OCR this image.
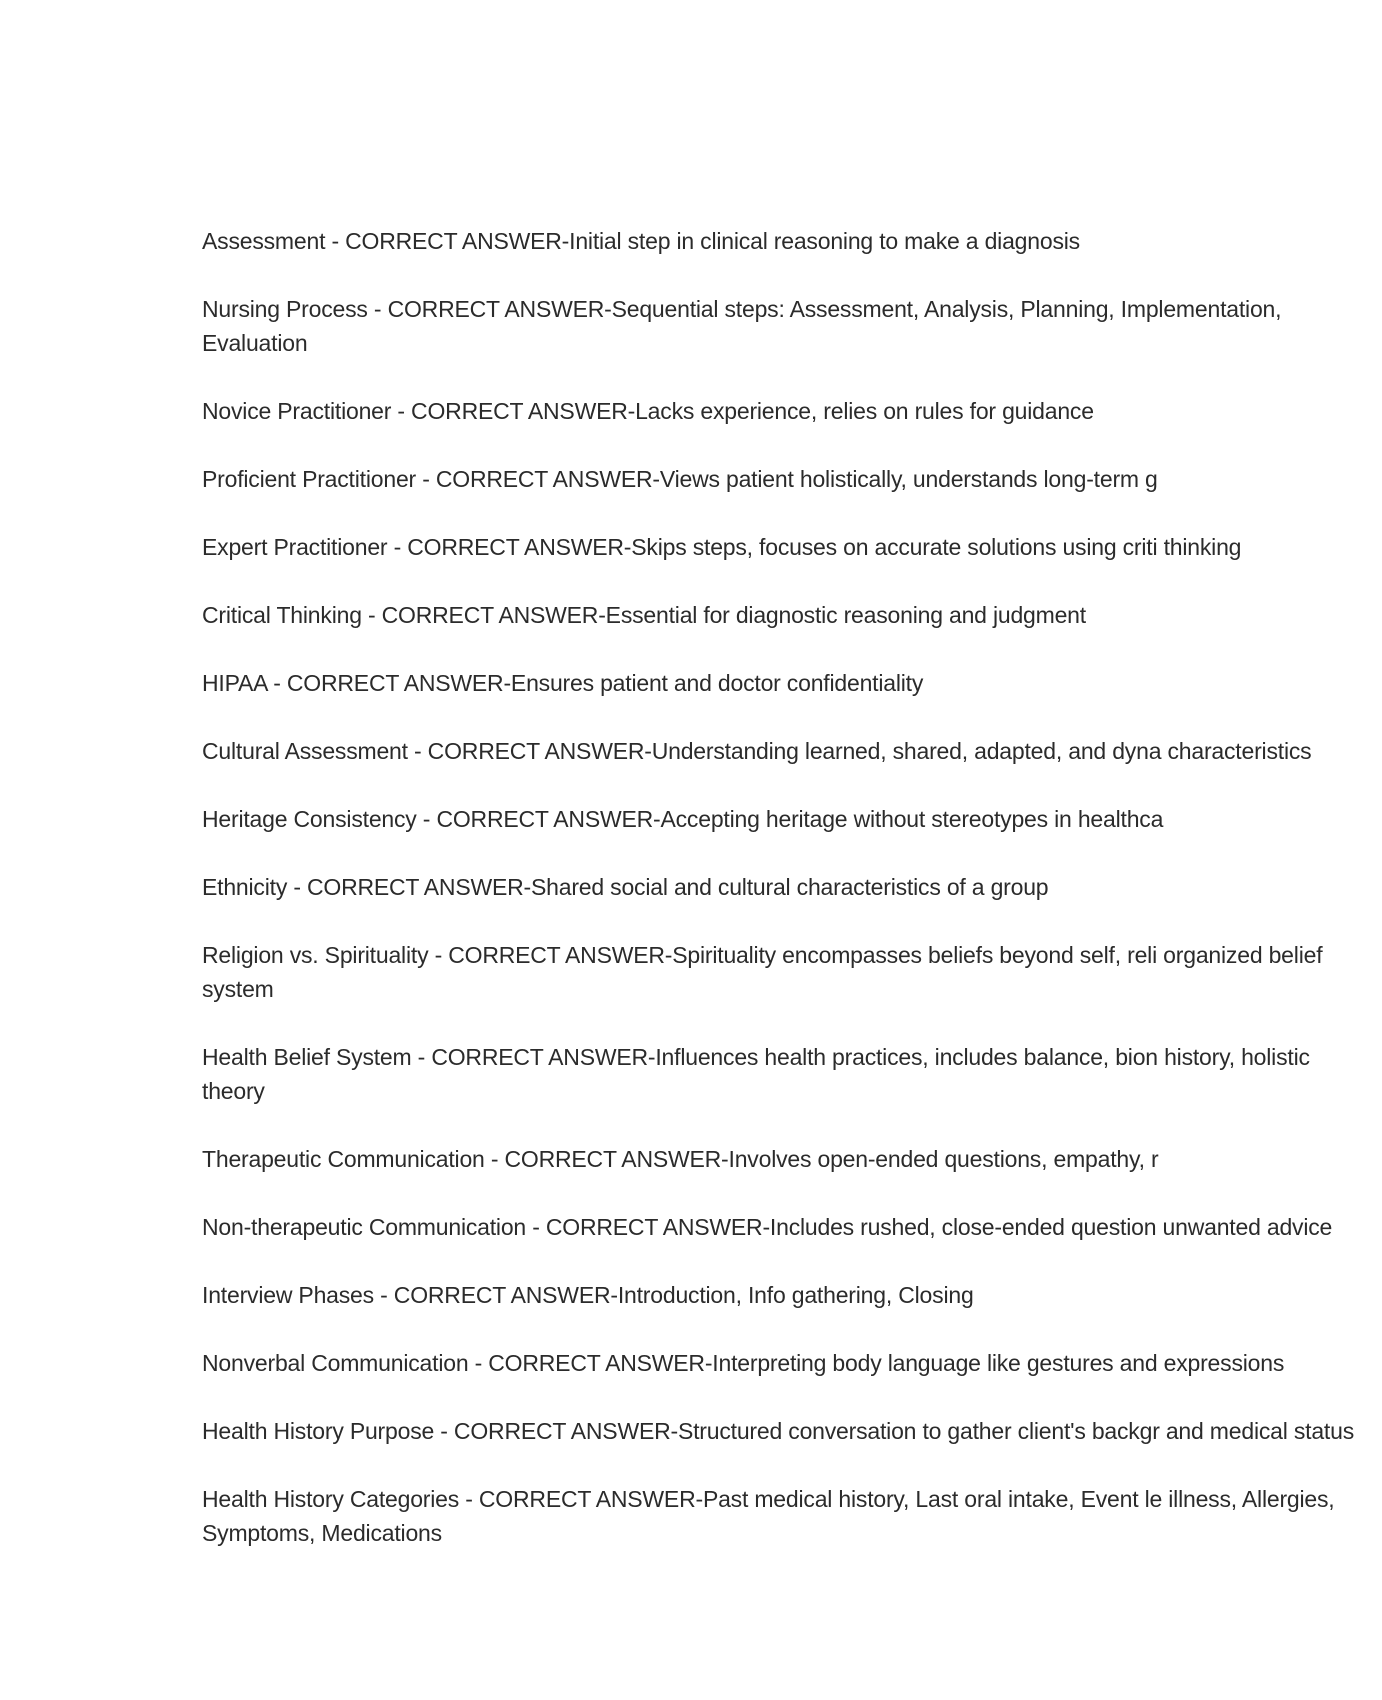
Assessment - CORRECT ANSWER-Initial step in clinical reasoning to make a diagnosis
Nursing Process - CORRECT ANSWER-Sequential steps: Assessment, Analysis, Planning, Implementation, Evaluation
Novice Practitioner - CORRECT ANSWER-Lacks experience, relies on rules for guidance
Proficient Practitioner - CORRECT ANSWER-Views patient holistically, understands long-term g
Expert Practitioner - CORRECT ANSWER-Skips steps, focuses on accurate solutions using criti thinking
Critical Thinking - CORRECT ANSWER-Essential for diagnostic reasoning and judgment
HIPAA - CORRECT ANSWER-Ensures patient and doctor confidentiality
Cultural Assessment - CORRECT ANSWER-Understanding learned, shared, adapted, and dyna characteristics
Heritage Consistency - CORRECT ANSWER-Accepting heritage without stereotypes in healthca
Ethnicity - CORRECT ANSWER-Shared social and cultural characteristics of a group
Religion vs. Spirituality - CORRECT ANSWER-Spirituality encompasses beliefs beyond self, reli organized belief system
Health Belief System - CORRECT ANSWER-Influences health practices, includes balance, bion history, holistic theory
Therapeutic Communication - CORRECT ANSWER-Involves open-ended questions, empathy, r
Non-therapeutic Communication - CORRECT ANSWER-Includes rushed, close-ended question unwanted advice
Interview Phases - CORRECT ANSWER-Introduction, Info gathering, Closing
Nonverbal Communication - CORRECT ANSWER-Interpreting body language like gestures and expressions
Health History Purpose - CORRECT ANSWER-Structured conversation to gather client's backgr and medical status
Health History Categories - CORRECT ANSWER-Past medical history, Last oral intake, Event le illness, Allergies, Symptoms, Medications
